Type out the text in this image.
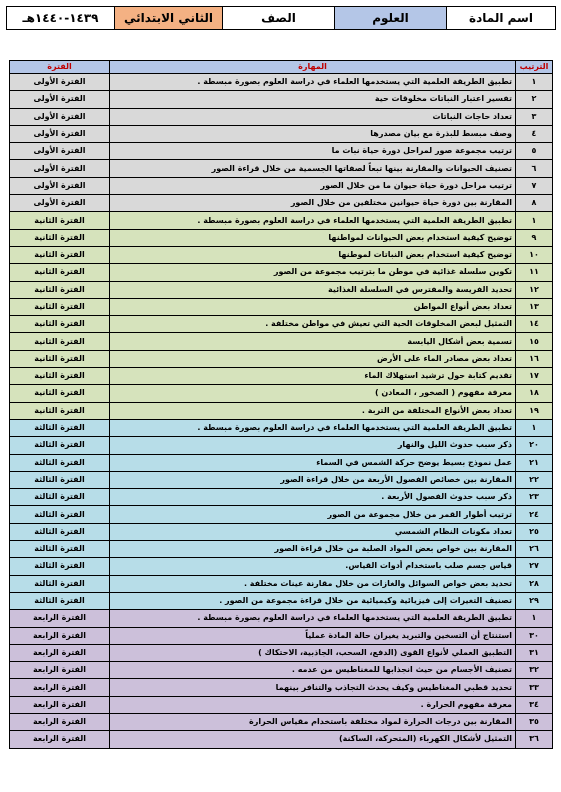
١٤٣٩-١٤٤٠هـ	الثاني الابتدائي	الصف	العلوم	اسم المادة
الفترة	المهارة	الترتيب
الفترة الأولى	تطبيق الطريقة العلمية التي يستخدمها العلماء في دراسة العلوم بصورة مبسطة .	١
الفترة الأولى	تفسير اعتبار النباتات مخلوقات حية	٢
الفترة الأولى	تعداد حاجات النباتات	٣
الفترة الأولى	وصف مبسط للبذرة مع بيان مصدرها	٤
الفترة الأولى	ترتيب مجموعة صور لمراحل دورة حياة نبات ما	٥
الفترة الأولى	تصنيف الحيوانات والمقارنة بينها تبعاً لصفاتها الجسمية من خلال قراءة الصور	٦
الفترة الأولى	ترتيب مراحل دورة حياة حيوان ما من خلال الصور	٧
الفترة الأولى	المقارنة بين دورة حياة حيوانين مختلفين من خلال الصور	٨
الفترة الثانية	تطبيق الطريقة العلمية التي يستخدمها العلماء في دراسة العلوم بصورة مبسطة .	١
الفترة الثانية	توضيح كيفية استخدام بعض الحيوانات لمواطنها	٩
الفترة الثانية	توضيح كيفية استخدام بعض النباتات لموطنها	١٠
الفترة الثانية	تكوين سلسلة غذائية في موطن ما بترتيب مجموعة من الصور	١١
الفترة الثانية	تحديد الفريسة والمفترس في السلسلة الغذائية	١٢
الفترة الثانية	تعداد بعض أنواع المواطن	١٣
الفترة الثانية	التمثيل لبعض المخلوقات الحية التي تعيش في مواطن مختلفة .	١٤
الفترة الثانية	تسمية بعض أشكال اليابسة	١٥
الفترة الثانية	تعداد بعض مصادر الماء على الأرض	١٦
الفترة الثانية	تقديم كتابة حول ترشيد استهلاك الماء	١٧
الفترة الثانية	معرفة مفهوم ( الصخور ، المعادن )	١٨
الفترة الثانية	تعداد بعض الأنواع المختلفة من التربة .	١٩
الفترة الثالثة	تطبيق الطريقة العلمية التي يستخدمها العلماء في دراسة العلوم بصورة مبسطة .	١
الفترة الثالثة	ذكر سبب حدوث الليل والنهار	٢٠
الفترة الثالثة	عمل نموذج بسيط يوضح حركة الشمس في السماء	٢١
الفترة الثالثة	المقارنة بين خصائص الفصول الأربعة من خلال قراءة الصور	٢٢
الفترة الثالثة	ذكر سبب حدوث الفصول الأربعة .	٢٣
الفترة الثالثة	ترتيب أطوار القمر من خلال مجموعة من الصور	٢٤
الفترة الثالثة	تعداد مكونات النظام الشمسي	٢٥
الفترة الثالثة	المقارنة بين خواص بعض المواد الصلبة من خلال قراءة الصور	٢٦
الفترة الثالثة	قياس جسم صلب باستخدام أدوات القياس.	٢٧
الفترة الثالثة	تحديد بعض خواص السوائل والغازات من خلال مقارنة عينات مختلفة .	٢٨
الفترة الثالثة	تصنيف التغيرات إلى فيزيائية وكيميائية من خلال قراءة مجموعة من الصور .	٢٩
الفترة الرابعة	تطبيق الطريقة العلمية التي يستخدمها العلماء في دراسة العلوم بصورة مبسطة .	١
الفترة الرابعة	استنتاج أن التسخين والتبريد يغيران حالة المادة عملياً	٣٠
الفترة الرابعة	التطبيق العملي لأنواع القوى (الدفع، السحب، الجاذبية، الاحتكاك )	٣١
الفترة الرابعة	تصنيف الأجسام من حيث انجذابها للمغناطيس من عدمه .	٣٢
الفترة الرابعة	تحديد قطبي المغناطيس وكيف يحدث التجاذب والتنافر بينهما	٣٣
الفترة الرابعة	معرفة مفهوم الحرارة .	٣٤
الفترة الرابعة	المقارنة بين درجات الحرارة لمواد مختلفة باستخدام مقياس الحرارة	٣٥
الفترة الرابعة	التمثيل لأشكال الكهرباء (المتحركة، الساكنة)	٣٦
